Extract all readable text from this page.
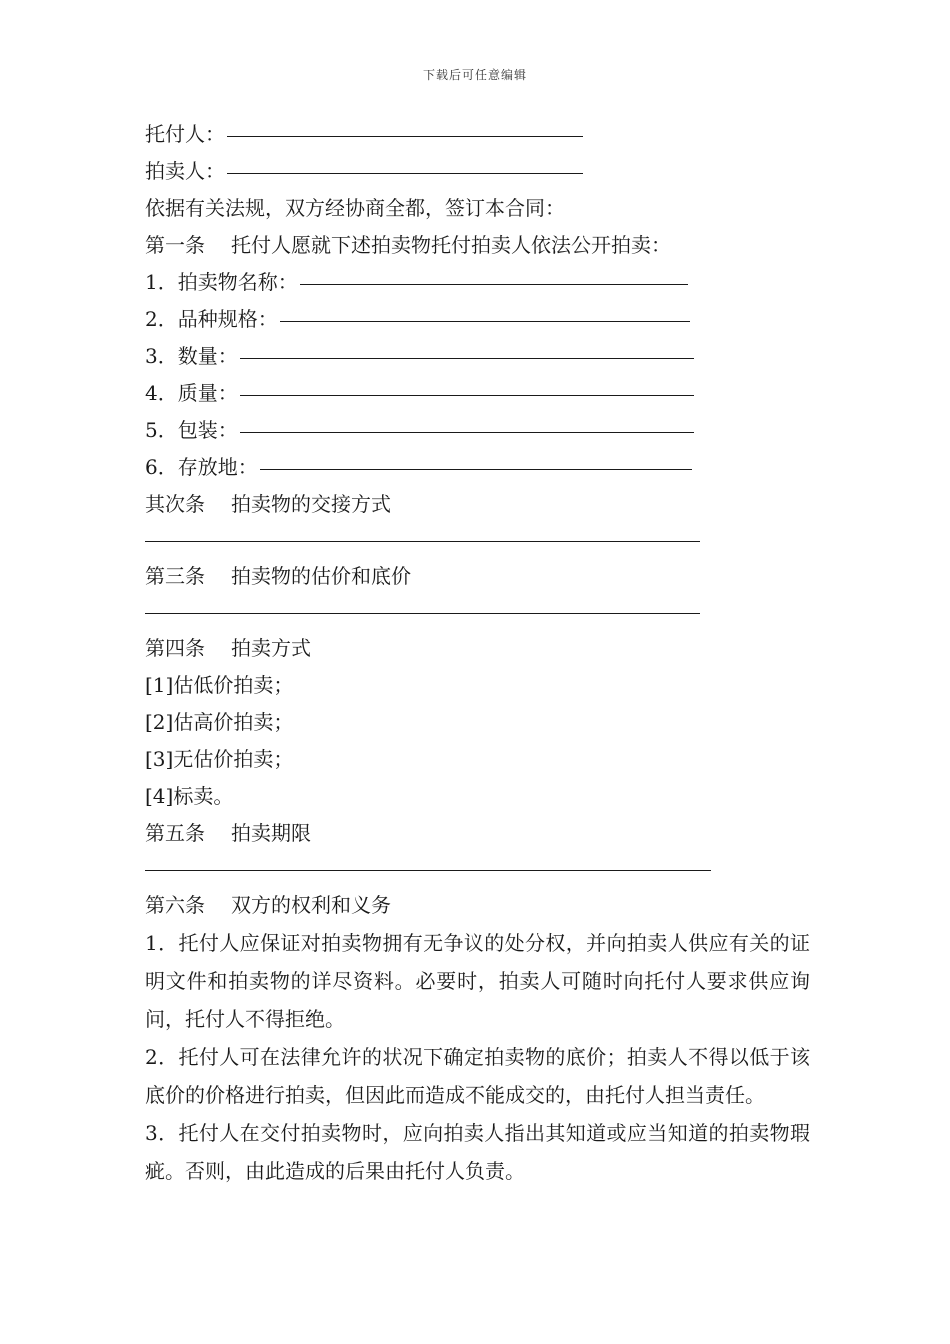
下载后可任意编辑
托付人：
拍卖人：
依据有关法规，双方经协商全都，签订本合同：
第一条 托付人愿就下述拍卖物托付拍卖人依法公开拍卖：
1．拍卖物名称：
2．品种规格：
3．数量：
4．质量：
5．包装：
6．存放地：
其次条 拍卖物的交接方式
第三条 拍卖物的估价和底价
第四条 拍卖方式
[1]估低价拍卖；
[2]估高价拍卖；
[3]无估价拍卖；
[4]标卖。
第五条 拍卖期限
第六条 双方的权利和义务
1．托付人应保证对拍卖物拥有无争议的处分权，并向拍卖人供应有关的证明文件和拍卖物的详尽资料。必要时，拍卖人可随时向托付人要求供应询问，托付人不得拒绝。
2．托付人可在法律允许的状况下确定拍卖物的底价；拍卖人不得以低于该底价的价格进行拍卖，但因此而造成不能成交的，由托付人担当责任。
3．托付人在交付拍卖物时，应向拍卖人指出其知道或应当知道的拍卖物瑕疵。否则，由此造成的后果由托付人负责。
